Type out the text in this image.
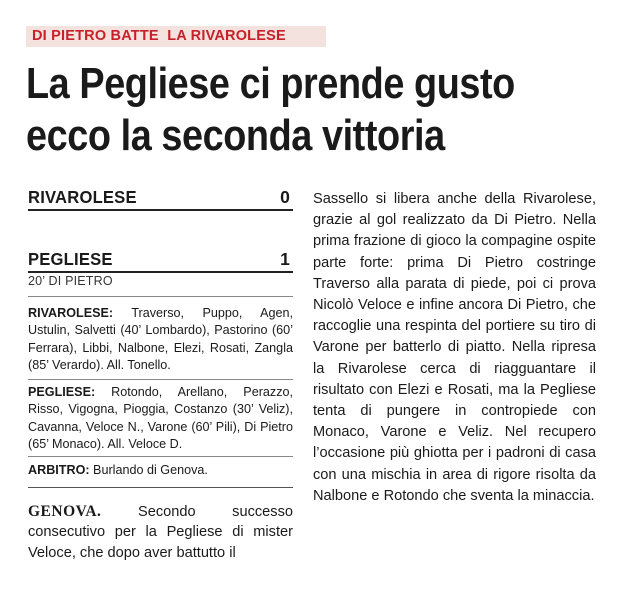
DI PIETRO BATTE  LA RIVAROLESE
La Pegliese ci prende gusto
ecco la seconda vittoria
RIVAROLESE	0
PEGLIESE	1
20’ DI PIETRO
RIVAROLESE: Traverso, Puppo, Agen, Ustulin, Salvetti (40’ Lombardo), Pastorino (60’ Ferrara), Libbi, Nalbone, Elezi, Rosati, Zangla (85’ Verardo). All. Tonello.
PEGLIESE: Rotondo, Arellano, Perazzo, Risso, Vigogna, Pioggia, Costanzo (30’ Veliz), Cavanna, Veloce N., Varone (60’ Pili), Di Pietro (65’ Monaco). All. Veloce D.
ARBITRO: Burlando di Genova.
GENOVA. Secondo successo consecutivo per la Pegliese di mister Veloce, che dopo aver battutto il
Sassello si libera anche della Rivarolese, grazie al gol realizzato da Di Pietro. Nella prima frazione di gioco la compagine ospite parte forte: prima Di Pietro costringe Traverso alla parata di piede, poi ci prova Nicolò Veloce e infine ancora Di Pietro, che raccoglie una respinta del portiere su tiro di Varone per batterlo di piatto. Nella ripresa la Rivarolese cerca di riagguantare il risultato con Elezi e Rosati, ma la Pegliese tenta di pungere in contropiede con Monaco, Varone e Veliz. Nel recupero l’occasione più ghiotta per i padroni di casa con una mischia in area di rigore risolta da Nalbone e Rotondo che sventa la minaccia.
